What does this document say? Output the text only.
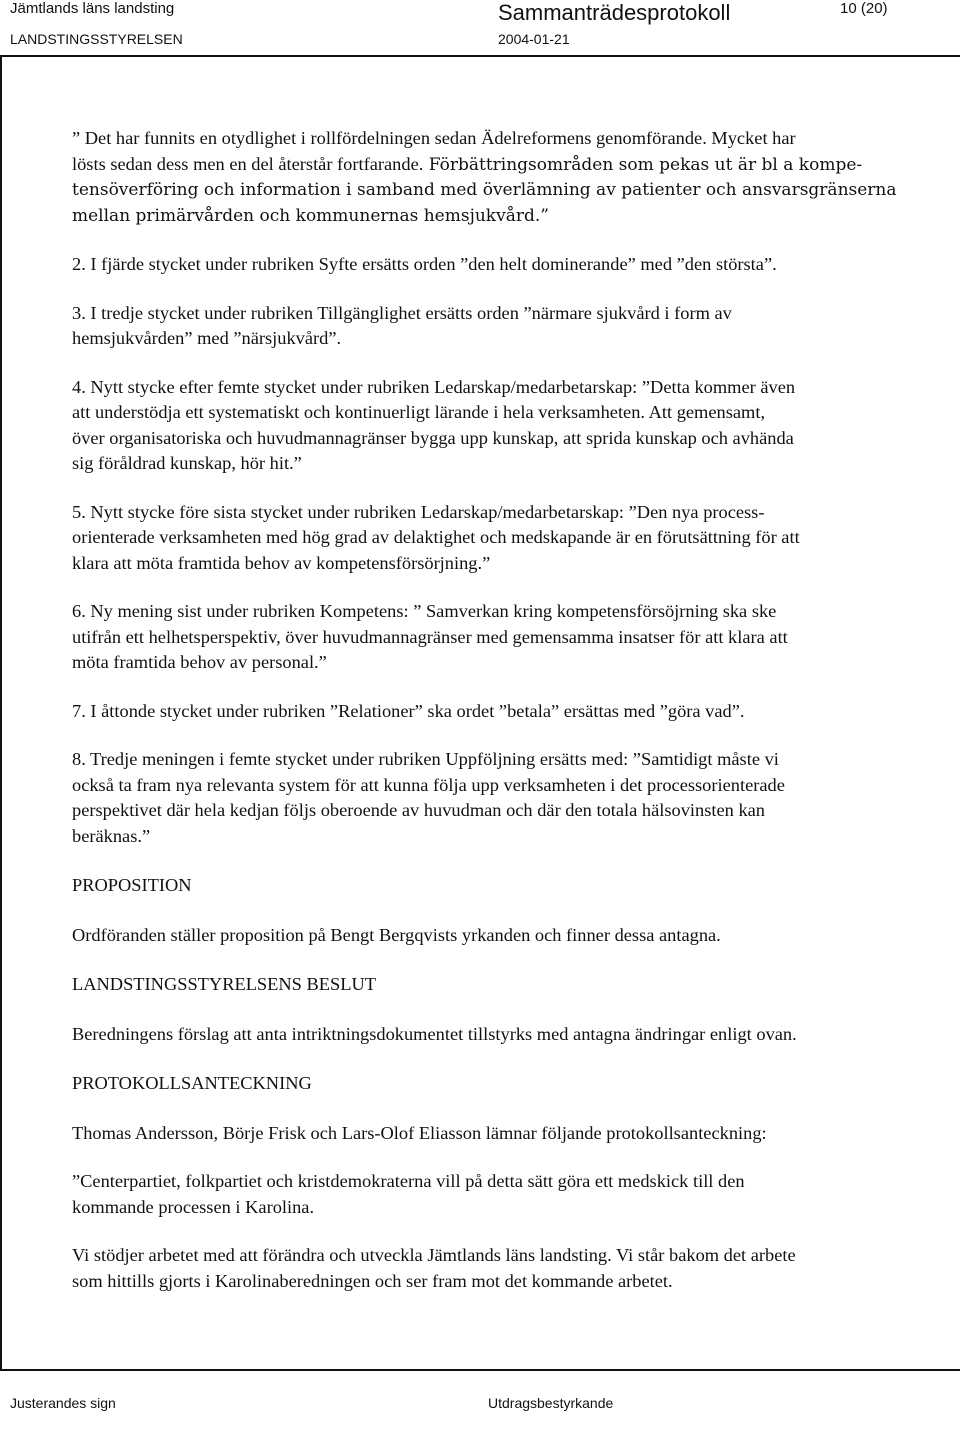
Jämtlands läns landsting	Sammanträdesprotokoll	10 (20)
LANDSTINGSSTYRELSEN	2004-01-21

” Det har funnits en otydlighet i rollfördelningen sedan Ädelreformens genomförande. Mycket har
lösts sedan dess men en del återstår fortfarande. Förbättringsområden som pekas ut är bl a kompe-
tensöverföring och information i samband med överlämning av patienter och ansvarsgränserna
mellan primärvården och kommunernas hemsjukvård.”

2. I fjärde stycket under rubriken Syfte ersätts orden ”den helt dominerande” med ”den största”.

3. I tredje stycket under rubriken Tillgänglighet ersätts orden ”närmare sjukvård i form av
hemsjukvården” med ”närsjukvård”.

4. Nytt stycke efter femte stycket under rubriken Ledarskap/medarbetarskap: ”Detta kommer även
att understödja ett systematiskt och kontinuerligt lärande i hela verksamheten. Att gemensamt,
över organisatoriska och huvudmannagränser bygga upp kunskap, att sprida kunskap och avhända
sig föråldrad kunskap, hör hit.”

5. Nytt stycke före sista stycket under rubriken Ledarskap/medarbetarskap: ”Den nya process-
orienterade verksamheten med hög grad av delaktighet och medskapande är en förutsättning för att
klara att möta framtida behov av kompetensförsörjning.”

6. Ny mening sist under rubriken Kompetens: ” Samverkan kring kompetensförsöjrning ska ske
utifrån ett helhetsperspektiv, över huvudmannagränser med gemensamma insatser för att klara att
möta framtida behov av personal.”

7. I åttonde stycket under rubriken ”Relationer” ska ordet ”betala” ersättas med ”göra vad”.

8. Tredje meningen i femte stycket under rubriken Uppföljning ersätts med: ”Samtidigt måste vi
också ta fram nya relevanta system för att kunna följa upp verksamheten i det processorienterade
perspektivet där hela kedjan följs oberoende av huvudman och där den totala hälsovinsten kan
beräknas.”

PROPOSITION

Ordföranden ställer proposition på Bengt Bergqvists yrkanden och finner dessa antagna.

LANDSTINGSSTYRELSENS BESLUT

Beredningens förslag att anta intriktningsdokumentet tillstyrks med antagna ändringar enligt ovan.

PROTOKOLLSANTECKNING

Thomas Andersson, Börje Frisk och Lars-Olof Eliasson lämnar följande protokollsanteckning:

”Centerpartiet, folkpartiet och kristdemokraterna vill på detta sätt göra ett medskick till den
kommande processen i Karolina.

Vi stödjer arbetet med att förändra och utveckla Jämtlands läns landsting. Vi står bakom det arbete
som hittills gjorts i Karolinaberedningen och ser fram mot det kommande arbetet.

Justerandes sign	Utdragsbestyrkande
